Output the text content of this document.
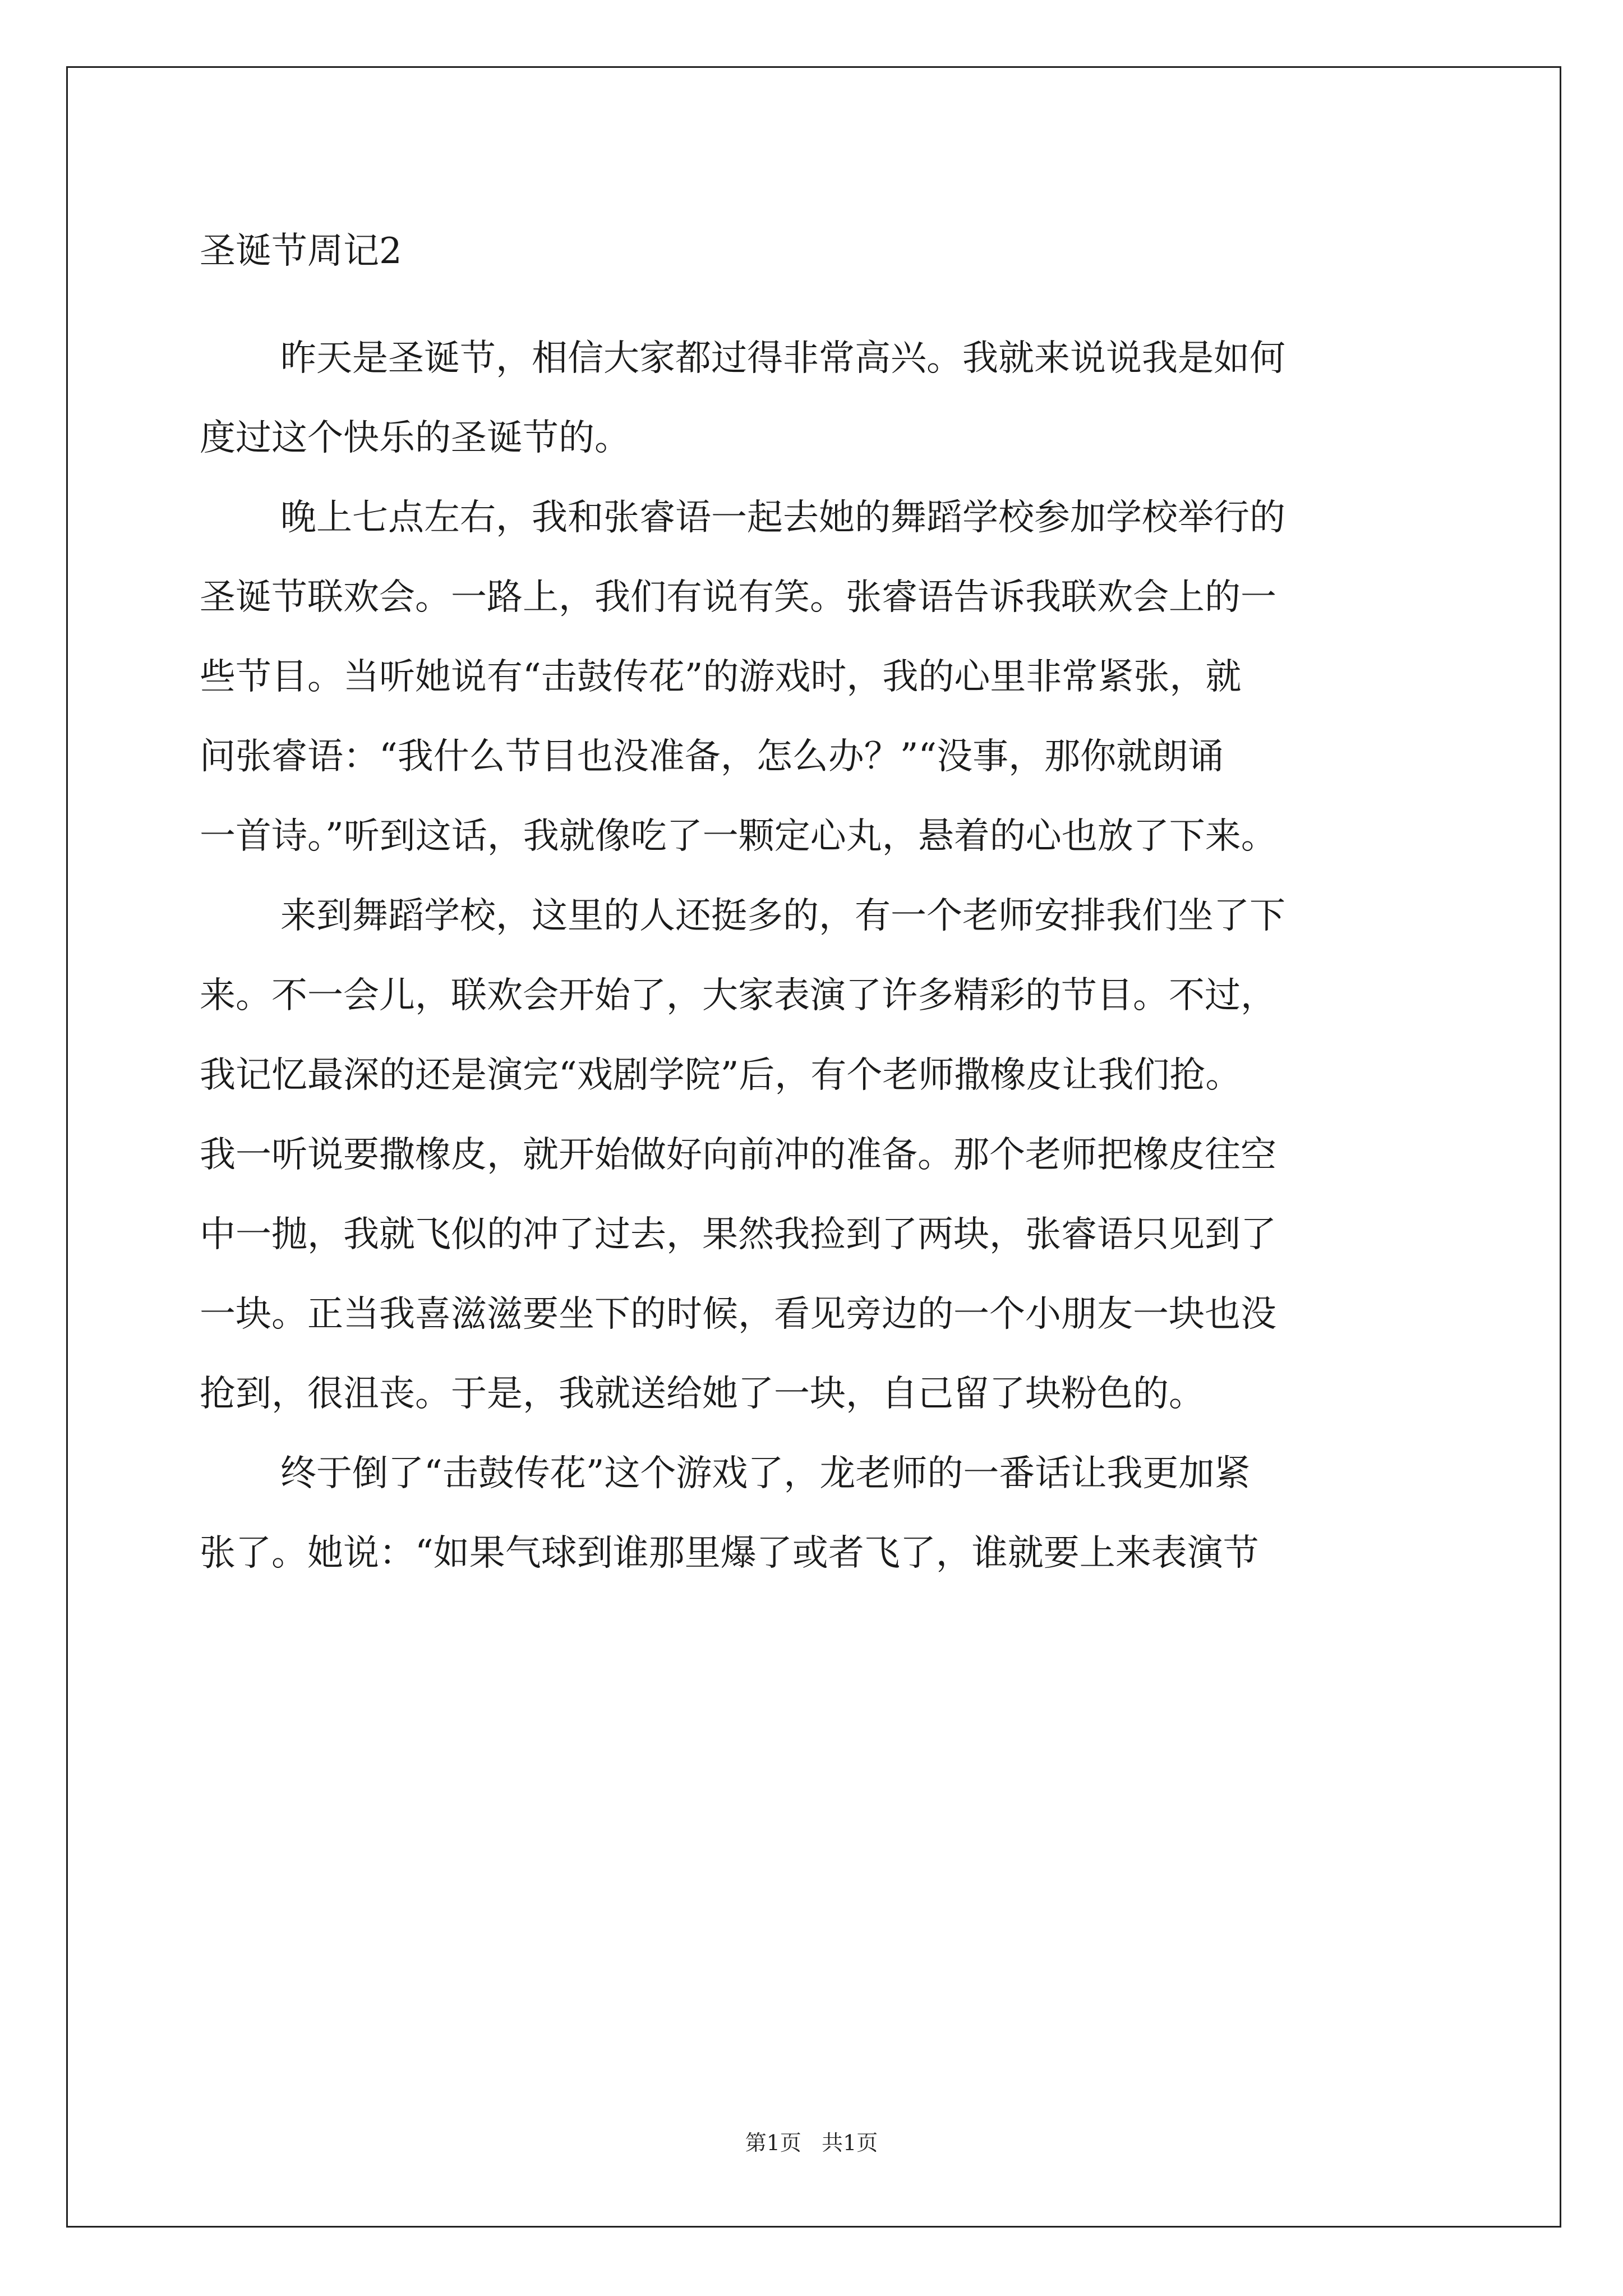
圣诞节周记2
昨天是圣诞节，相信大家都过得非常高兴。我就来说说我是如何
度过这个快乐的圣诞节的。
晚上七点左右，我和张睿语一起去她的舞蹈学校参加学校举行的
圣诞节联欢会。一路上，我们有说有笑。张睿语告诉我联欢会上的一
些节目。当听她说有“击鼓传花”的游戏时，我的心里非常紧张，就
问张睿语：“我什么节目也没准备，怎么办？”“没事，那你就朗诵
一首诗。”听到这话，我就像吃了一颗定心丸，悬着的心也放了下来。
来到舞蹈学校，这里的人还挺多的，有一个老师安排我们坐了下
来。不一会儿，联欢会开始了，大家表演了许多精彩的节目。不过，
我记忆最深的还是演完“戏剧学院”后，有个老师撒橡皮让我们抢。
我一听说要撒橡皮，就开始做好向前冲的准备。那个老师把橡皮往空
中一抛，我就飞似的冲了过去，果然我捡到了两块，张睿语只见到了
一块。正当我喜滋滋要坐下的时候，看见旁边的一个小朋友一块也没
抢到，很沮丧。于是，我就送给她了一块，自己留了块粉色的。
终于倒了“击鼓传花”这个游戏了，龙老师的一番话让我更加紧
张了。她说：“如果气球到谁那里爆了或者飞了，谁就要上来表演节
第1页   共1页
